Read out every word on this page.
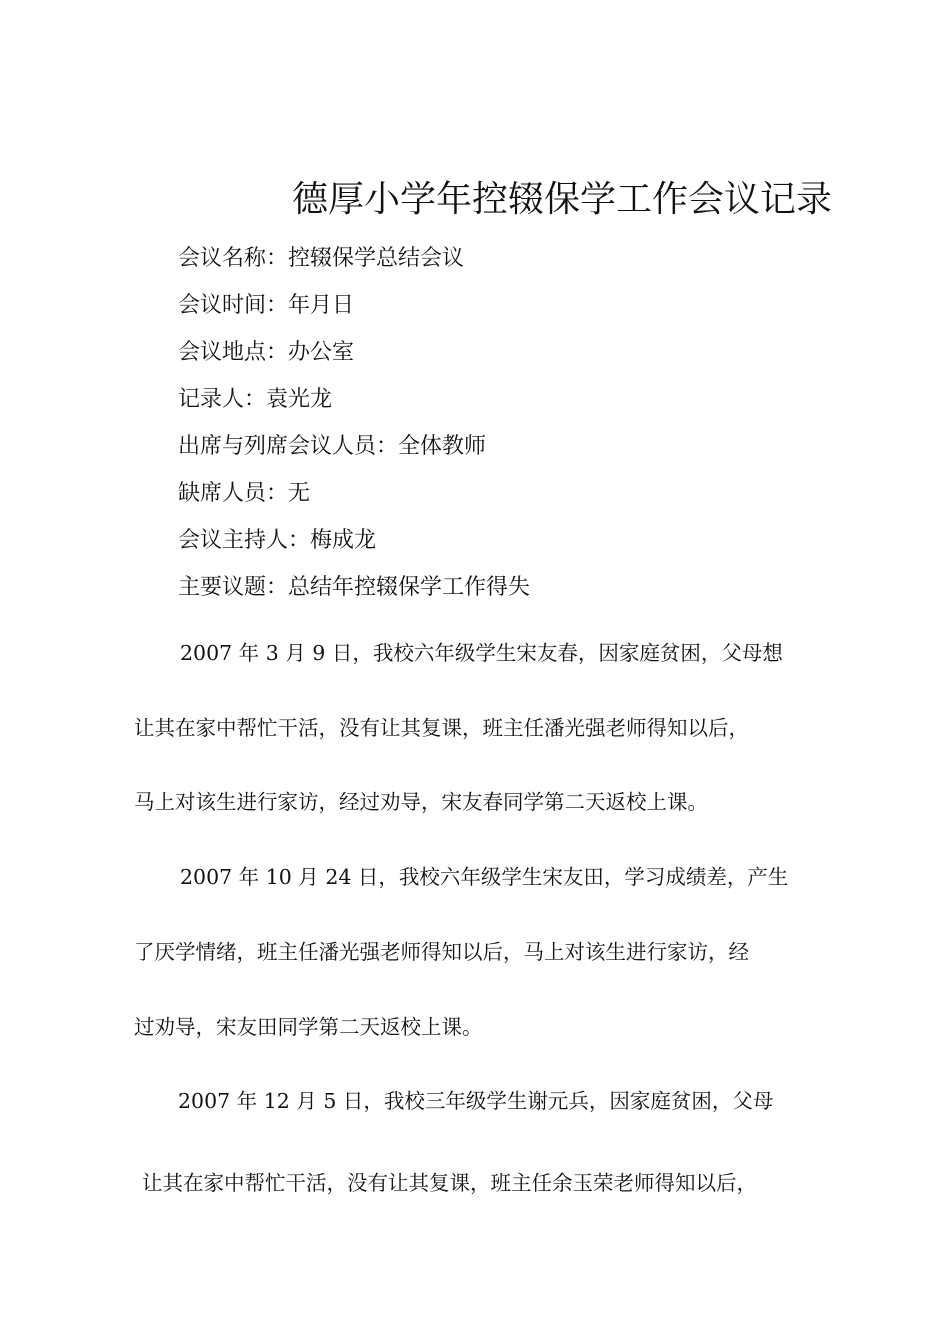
德厚小学年控辍保学工作会议记录
会议名称：控辍保学总结会议
会议时间：年月日
会议地点：办公室
记录人：袁光龙
出席与列席会议人员：全体教师
缺席人员：无
会议主持人：梅成龙
主要议题：总结年控辍保学工作得失
2007 年 3 月 9 日，我校六年级学生宋友春，因家庭贫困，父母想
让其在家中帮忙干活，没有让其复课，班主任潘光强老师得知以后，
马上对该生进行家访，经过劝导，宋友春同学第二天返校上课。
2007 年 10 月 24 日，我校六年级学生宋友田，学习成绩差，产生
了厌学情绪，班主任潘光强老师得知以后，马上对该生进行家访，经
过劝导，宋友田同学第二天返校上课。
2007 年 12 月 5 日，我校三年级学生谢元兵，因家庭贫困，父母
让其在家中帮忙干活，没有让其复课，班主任余玉荣老师得知以后，
